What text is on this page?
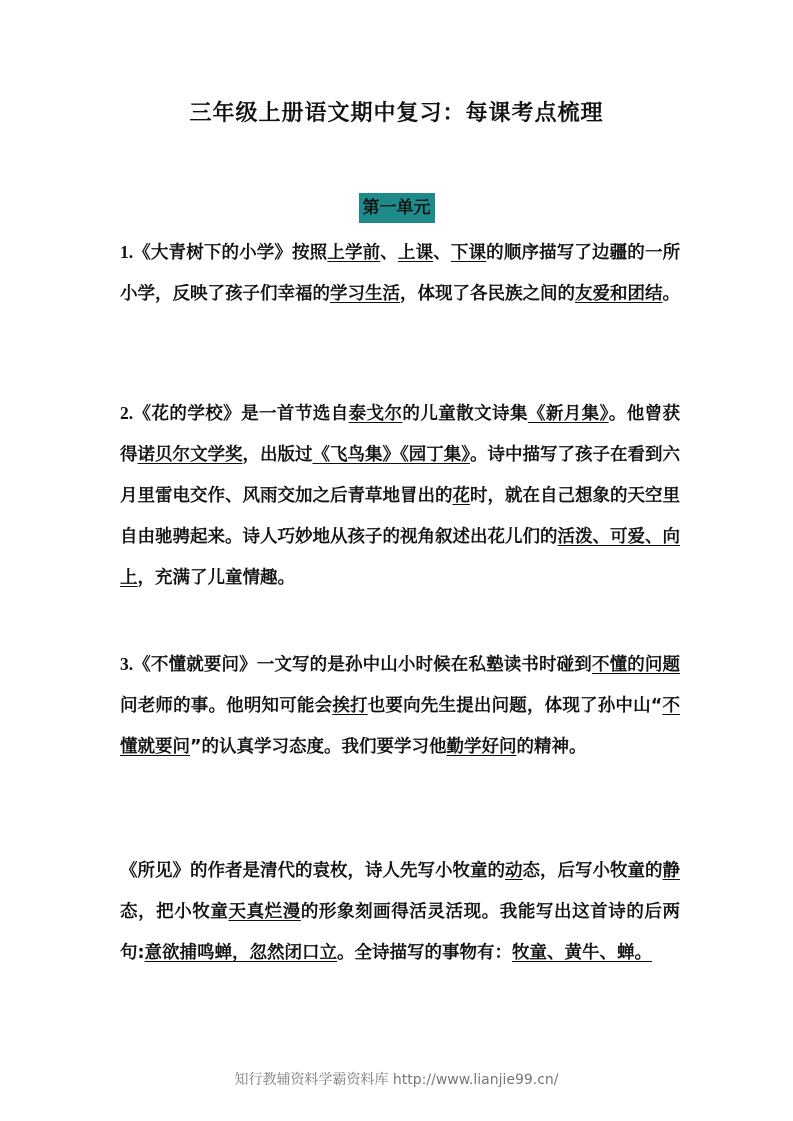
三年级上册语文期中复习：每课考点梳理
第一单元

1.《大青树下的小学》按照上学前、上课、下课的顺序描写了边疆的一所小学，反映了孩子们幸福的学习生活，体现了各民族之间的友爱和团结。

2.《花的学校》是一首节选自泰戈尔的儿童散文诗集《新月集》。他曾获得诺贝尔文学奖，出版过《飞鸟集》《园丁集》。诗中描写了孩子在看到六月里雷电交作、风雨交加之后青草地冒出的花时，就在自己想象的天空里自由驰骋起来。诗人巧妙地从孩子的视角叙述出花儿们的活泼、可爱、向上，充满了儿童情趣。

3.《不懂就要问》一文写的是孙中山小时候在私塾读书时碰到不懂的问题问老师的事。他明知可能会挨打也要向先生提出问题，体现了孙中山“不懂就要问”的认真学习态度。我们要学习他勤学好问的精神。

《所见》的作者是清代的袁枚，诗人先写小牧童的动态，后写小牧童的静态，把小牧童天真烂漫的形象刻画得活灵活现。我能写出这首诗的后两句:意欲捕鸣蝉，忽然闭口立。全诗描写的事物有：牧童、黄牛、蝉。

知行教辅资料学霸资料库 http://www.lianjie99.cn/
